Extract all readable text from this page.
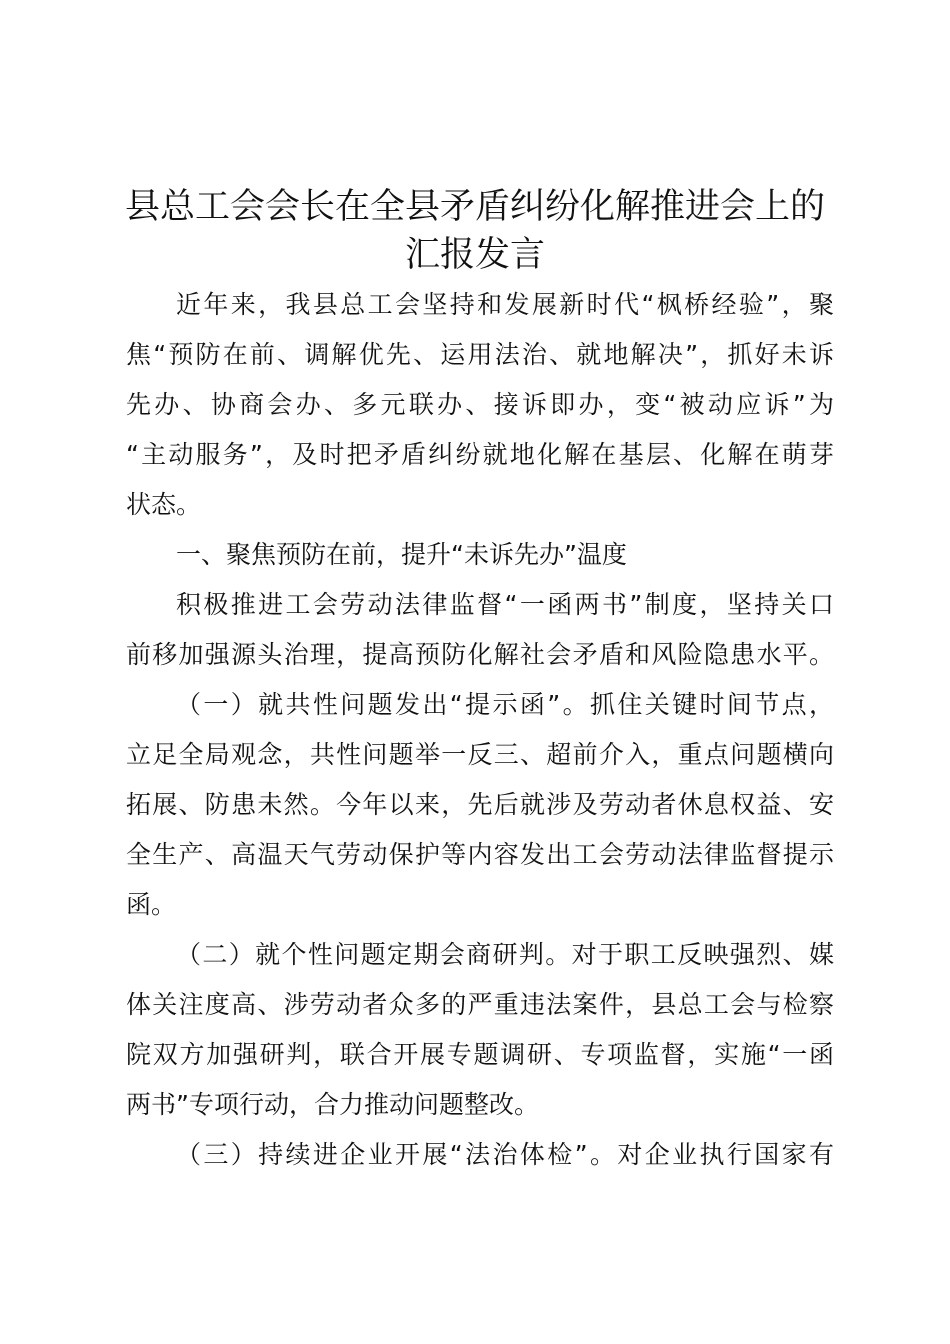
县总工会会长在全县矛盾纠纷化解推进会上的
汇报发言

近年来，我县总工会坚持和发展新时代“枫桥经验”，聚

焦“预防在前、调解优先、运用法治、就地解决”，抓好未诉

先办、协商会办、多元联办、接诉即办，变“被动应诉”为

“主动服务”，及时把矛盾纠纷就地化解在基层、化解在萌芽

状态。

一、聚焦预防在前，提升“未诉先办”温度

积极推进工会劳动法律监督“一函两书”制度，坚持关口

前移加强源头治理，提高预防化解社会矛盾和风险隐患水平。

（一）就共性问题发出“提示函”。抓住关键时间节点，

立足全局观念，共性问题举一反三、超前介入，重点问题横向

拓展、防患未然。今年以来，先后就涉及劳动者休息权益、安

全生产、高温天气劳动保护等内容发出工会劳动法律监督提示

函。

（二）就个性问题定期会商研判。对于职工反映强烈、媒

体关注度高、涉劳动者众多的严重违法案件，县总工会与检察

院双方加强研判，联合开展专题调研、专项监督，实施“一函

两书”专项行动，合力推动问题整改。

（三）持续进企业开展“法治体检”。对企业执行国家有
